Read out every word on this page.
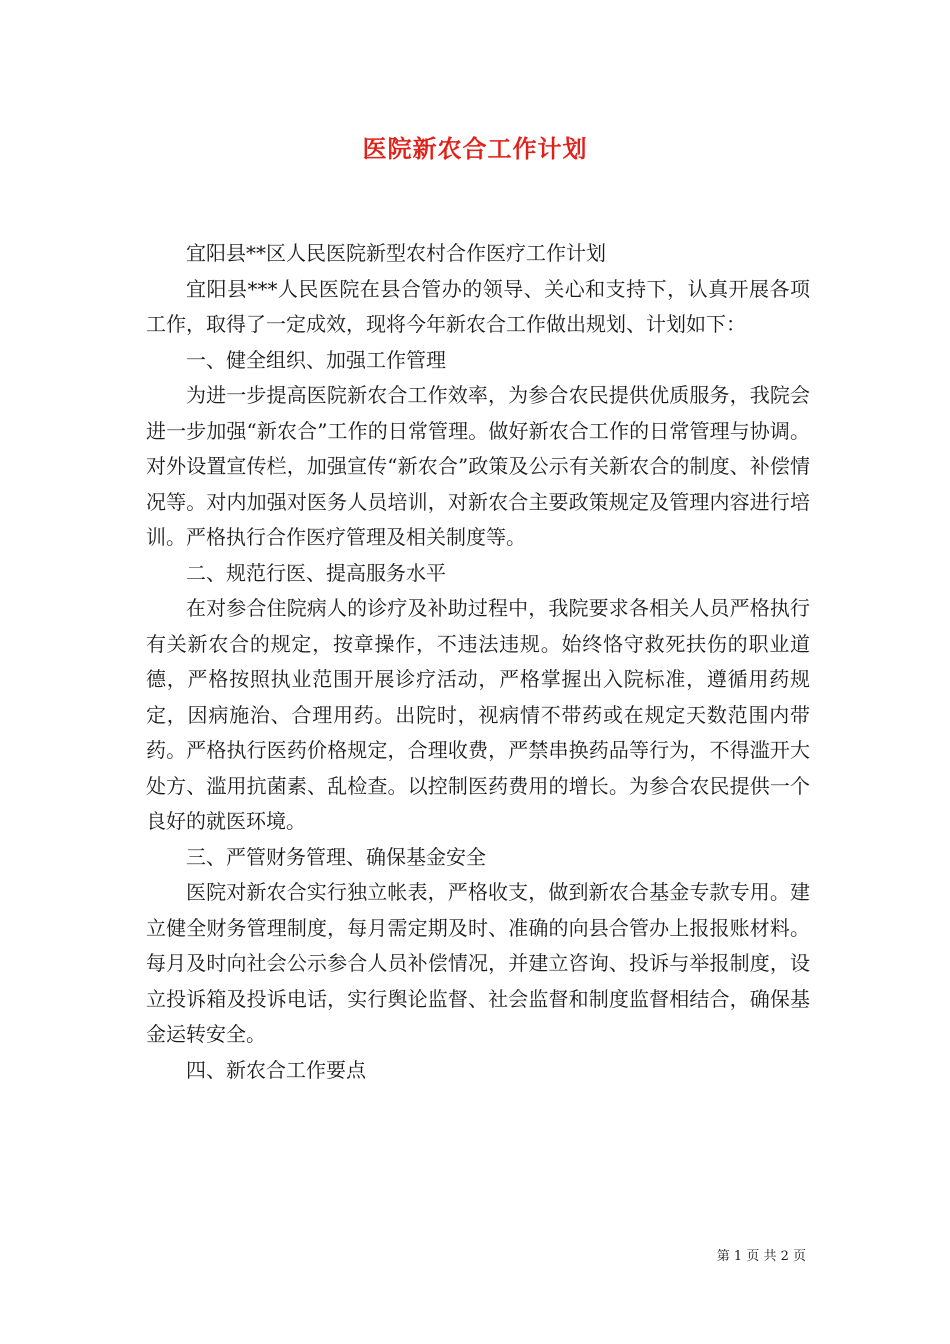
医院新农合工作计划

宜阳县**区人民医院新型农村合作医疗工作计划

宜阳县***人民医院在县合管办的领导、关心和支持下，认真开展各项工作，取得了一定成效，现将今年新农合工作做出规划、计划如下：

一、健全组织、加强工作管理

为进一步提高医院新农合工作效率，为参合农民提供优质服务，我院会进一步加强“新农合”工作的日常管理。做好新农合工作的日常管理与协调。对外设置宣传栏，加强宣传“新农合”政策及公示有关新农合的制度、补偿情况等。对内加强对医务人员培训，对新农合主要政策规定及管理内容进行培训。严格执行合作医疗管理及相关制度等。

二、规范行医、提高服务水平

在对参合住院病人的诊疗及补助过程中，我院要求各相关人员严格执行有关新农合的规定，按章操作，不违法违规。始终恪守救死扶伤的职业道德，严格按照执业范围开展诊疗活动，严格掌握出入院标准，遵循用药规定，因病施治、合理用药。出院时，视病情不带药或在规定天数范围内带药。严格执行医药价格规定，合理收费，严禁串换药品等行为，不得滥开大处方、滥用抗菌素、乱检查。以控制医药费用的增长。为参合农民提供一个良好的就医环境。

三、严管财务管理、确保基金安全

医院对新农合实行独立帐表，严格收支，做到新农合基金专款专用。建立健全财务管理制度，每月需定期及时、准确的向县合管办上报报账材料。每月及时向社会公示参合人员补偿情况，并建立咨询、投诉与举报制度，设立投诉箱及投诉电话，实行舆论监督、社会监督和制度监督相结合，确保基金运转安全。

四、新农合工作要点

第 1 页 共 2 页
